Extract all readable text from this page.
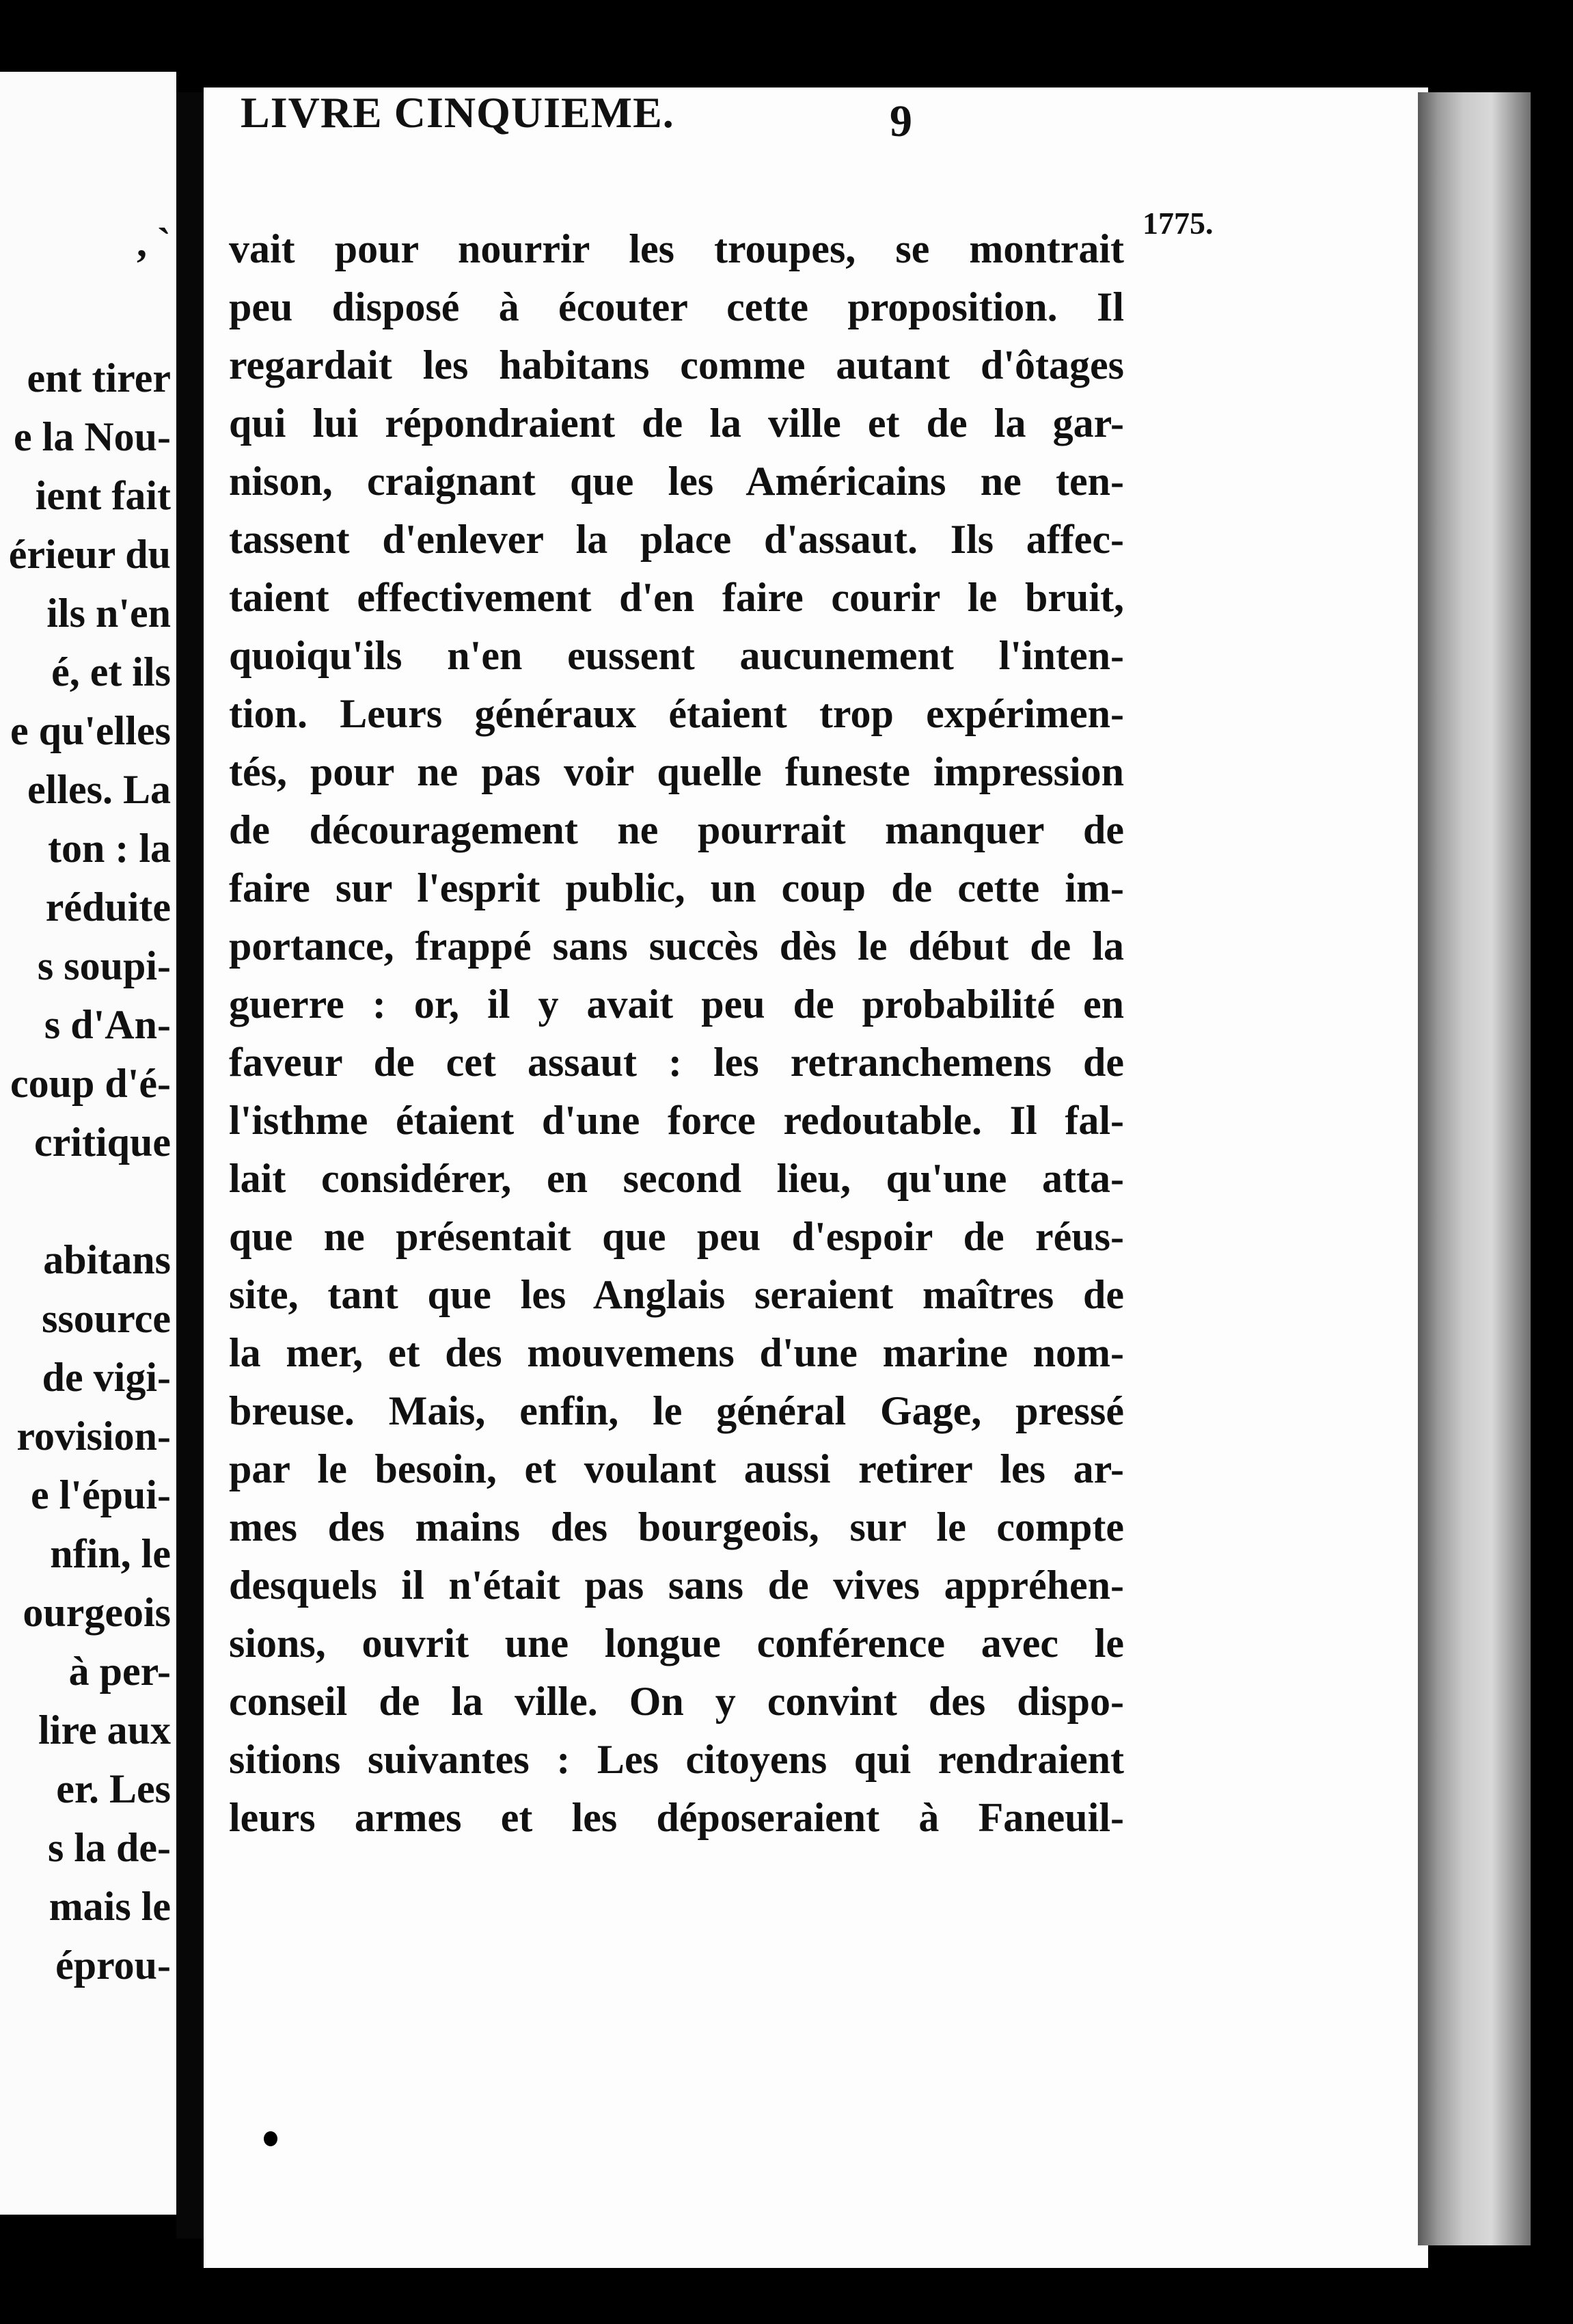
, `
ent tirer
e la Nou-
ient fait
érieur du
ils n'en
é, et ils
e qu'elles
elles. La
ton : la
réduite
s soupi-
s d'An-
coup d'é-
critique
abitans
ssource
de vigi-
rovision-
e l'épui-
nfin, le
ourgeois
à per-
lire aux
er. Les
s la de-
mais le
éprou-
LIVRE CINQUIEME.	9
1775.
vait pour nourrir les troupes, se montrait
peu disposé à écouter cette proposition. Il
regardait les habitans comme autant d'ôtages
qui lui répondraient de la ville et de la gar-
nison, craignant que les Américains ne ten-
tassent d'enlever la place d'assaut. Ils affec-
taient effectivement d'en faire courir le bruit,
quoiqu'ils n'en eussent aucunement l'inten-
tion. Leurs généraux étaient trop expérimen-
tés, pour ne pas voir quelle funeste impression
de découragement ne pourrait manquer de
faire sur l'esprit public, un coup de cette im-
portance, frappé sans succès dès le début de la
guerre : or, il y avait peu de probabilité en
faveur de cet assaut : les retranchemens de
l'isthme étaient d'une force redoutable. Il fal-
lait considérer, en second lieu, qu'une atta-
que ne présentait que peu d'espoir de réus-
site, tant que les Anglais seraient maîtres de
la mer, et des mouvemens d'une marine nom-
breuse. Mais, enfin, le général Gage, pressé
par le besoin, et voulant aussi retirer les ar-
mes des mains des bourgeois, sur le compte
desquels il n'était pas sans de vives appréhen-
sions, ouvrit une longue conférence avec le
conseil de la ville. On y convint des dispo-
sitions suivantes : Les citoyens qui rendraient
leurs armes et les déposeraient à Faneuil-
